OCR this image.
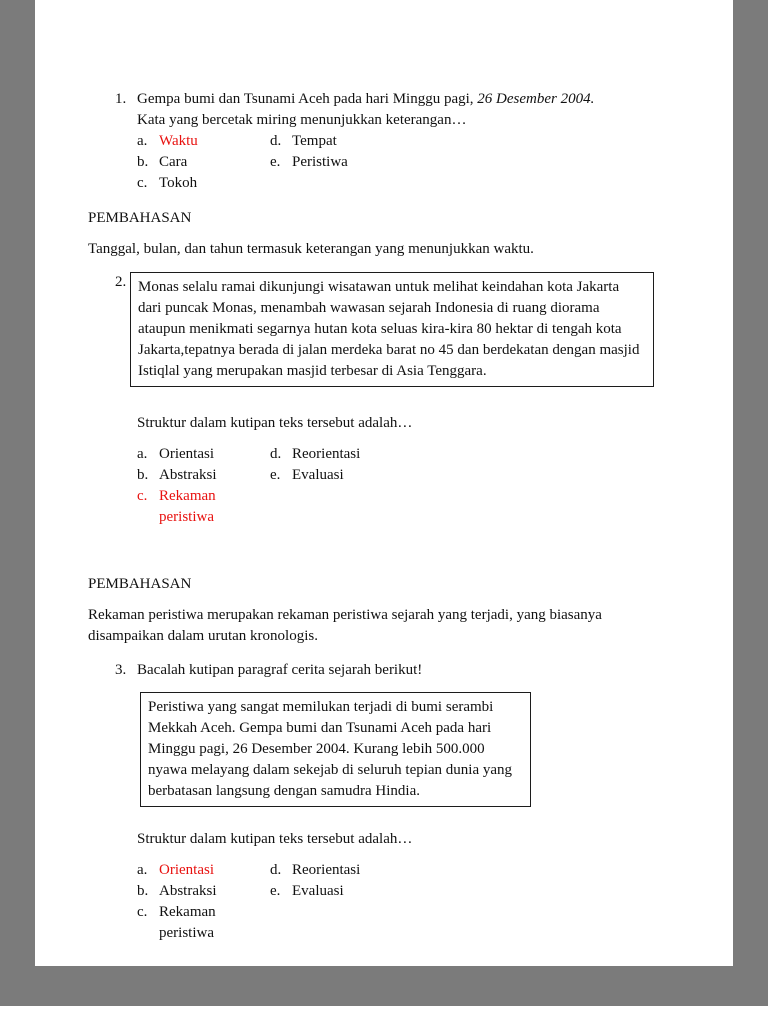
1. Gempa bumi dan Tsunami Aceh pada hari Minggu pagi, 26 Desember 2004.
Kata yang bercetak miring menunjukkan keterangan…
a. Waktu	d. Tempat
b. Cara	e. Peristiwa
c. Tokoh
PEMBAHASAN
Tanggal, bulan, dan tahun termasuk keterangan yang menunjukkan waktu.
2. Monas selalu ramai dikunjungi wisatawan untuk melihat keindahan kota Jakarta dari puncak Monas, menambah wawasan sejarah Indonesia di ruang diorama ataupun menikmati segarnya hutan kota seluas kira-kira 80 hektar di tengah kota Jakarta,tepatnya berada di jalan merdeka barat no 45 dan berdekatan dengan masjid Istiqlal yang merupakan masjid terbesar di Asia Tenggara.
Struktur dalam kutipan teks tersebut adalah…
a. Orientasi	d. Reorientasi
b. Abstraksi	e. Evaluasi
c. Rekaman peristiwa
PEMBAHASAN
Rekaman peristiwa merupakan rekaman peristiwa sejarah yang terjadi, yang biasanya disampaikan dalam urutan kronologis.
3. Bacalah kutipan paragraf cerita sejarah berikut!
Peristiwa yang sangat memilukan terjadi di bumi serambi Mekkah Aceh. Gempa bumi dan Tsunami Aceh pada hari Minggu pagi, 26 Desember 2004. Kurang lebih 500.000 nyawa melayang dalam sekejab di seluruh tepian dunia yang berbatasan langsung dengan samudra Hindia.
Struktur dalam kutipan teks tersebut adalah…
a. Orientasi	d. Reorientasi
b. Abstraksi	e. Evaluasi
c. Rekaman peristiwa
